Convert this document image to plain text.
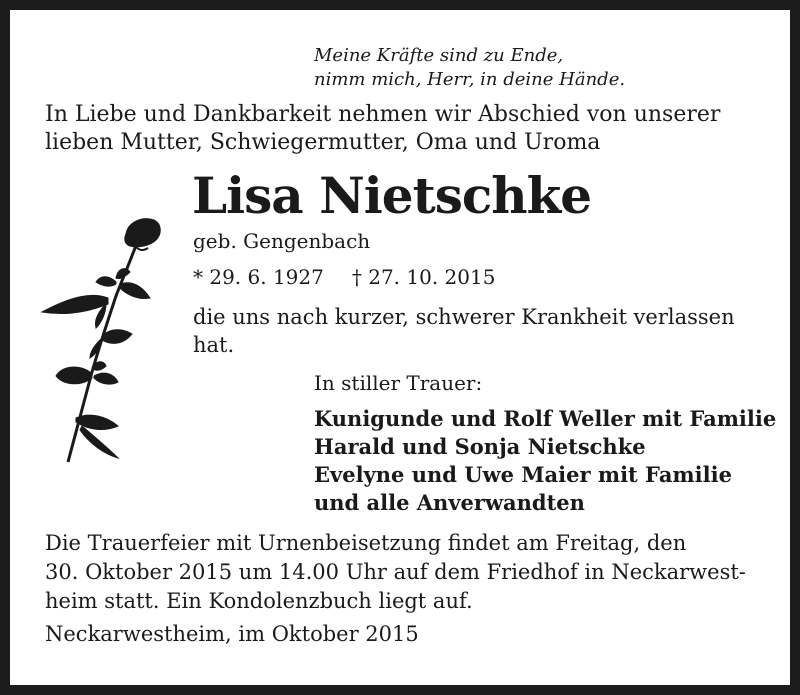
Meine Kräfte sind zu Ende,
nimm mich, Herr, in deine Hände.
In Liebe und Dankbarkeit nehmen wir Abschied von unserer
lieben Mutter, Schwiegermutter, Oma und Uroma
Lisa Nietschke
geb. Gengenbach
* 29. 6. 1927 † 27. 10. 2015
die uns nach kurzer, schwerer Krankheit verlassen
hat.
In stiller Trauer:
Kunigunde und Rolf Weller mit Familie
Harald und Sonja Nietschke
Evelyne und Uwe Maier mit Familie
und alle Anverwandten
Die Trauerfeier mit Urnenbeisetzung findet am Freitag, den
30. Oktober 2015 um 14.00 Uhr auf dem Friedhof in Neckarwest-
heim statt. Ein Kondolenzbuch liegt auf.
Neckarwestheim, im Oktober 2015
